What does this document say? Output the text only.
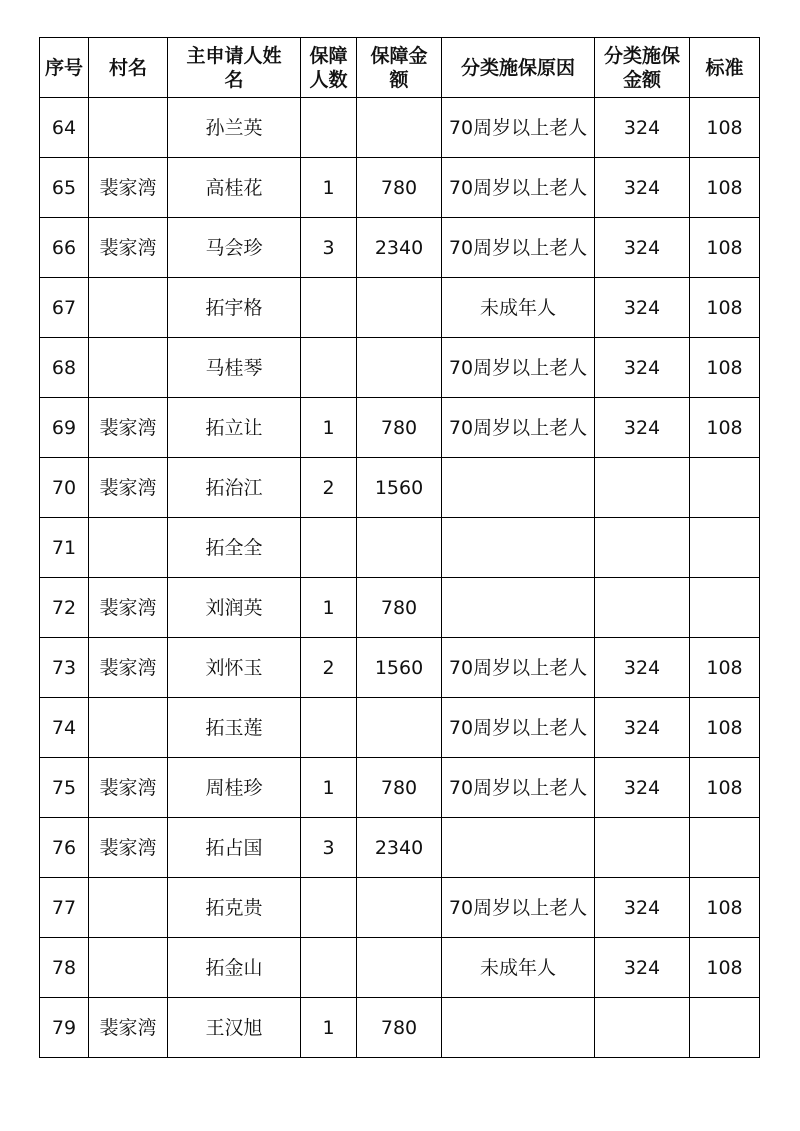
序号	村名	主申请人姓名	保障人数	保障金额	分类施保原因	分类施保金额	标准
64		孙兰英			70周岁以上老人	324	108
65	裴家湾	高桂花	1	780	70周岁以上老人	324	108
66	裴家湾	马会珍	3	2340	70周岁以上老人	324	108
67		拓宇格			未成年人	324	108
68		马桂琴			70周岁以上老人	324	108
69	裴家湾	拓立让	1	780	70周岁以上老人	324	108
70	裴家湾	拓治江	2	1560			
71		拓全全					
72	裴家湾	刘润英	1	780			
73	裴家湾	刘怀玉	2	1560	70周岁以上老人	324	108
74		拓玉莲			70周岁以上老人	324	108
75	裴家湾	周桂珍	1	780	70周岁以上老人	324	108
76	裴家湾	拓占国	3	2340			
77		拓克贵			70周岁以上老人	324	108
78		拓金山			未成年人	324	108
79	裴家湾	王汉旭	1	780			
